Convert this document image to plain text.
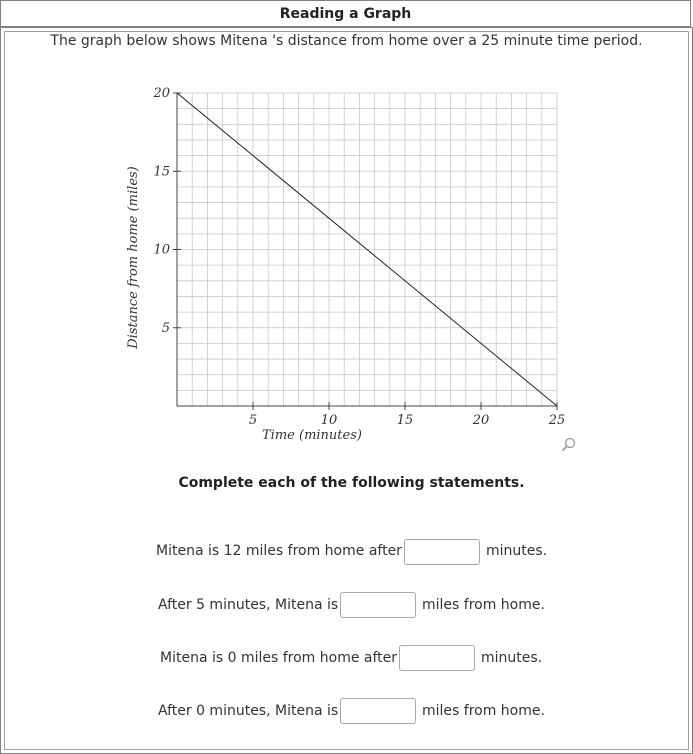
Reading a Graph
The graph below shows Mitena 's distance from home over a 25 minute time period.
5	10	15	20	25
5
10
15
20
Time (minutes)
Distance from home (miles)
Complete each of the following statements.
Mitena is 12 miles from home after	minutes.
After 5 minutes, Mitena is	miles from home.
Mitena is 0 miles from home after	minutes.
After 0 minutes, Mitena is	miles from home.
